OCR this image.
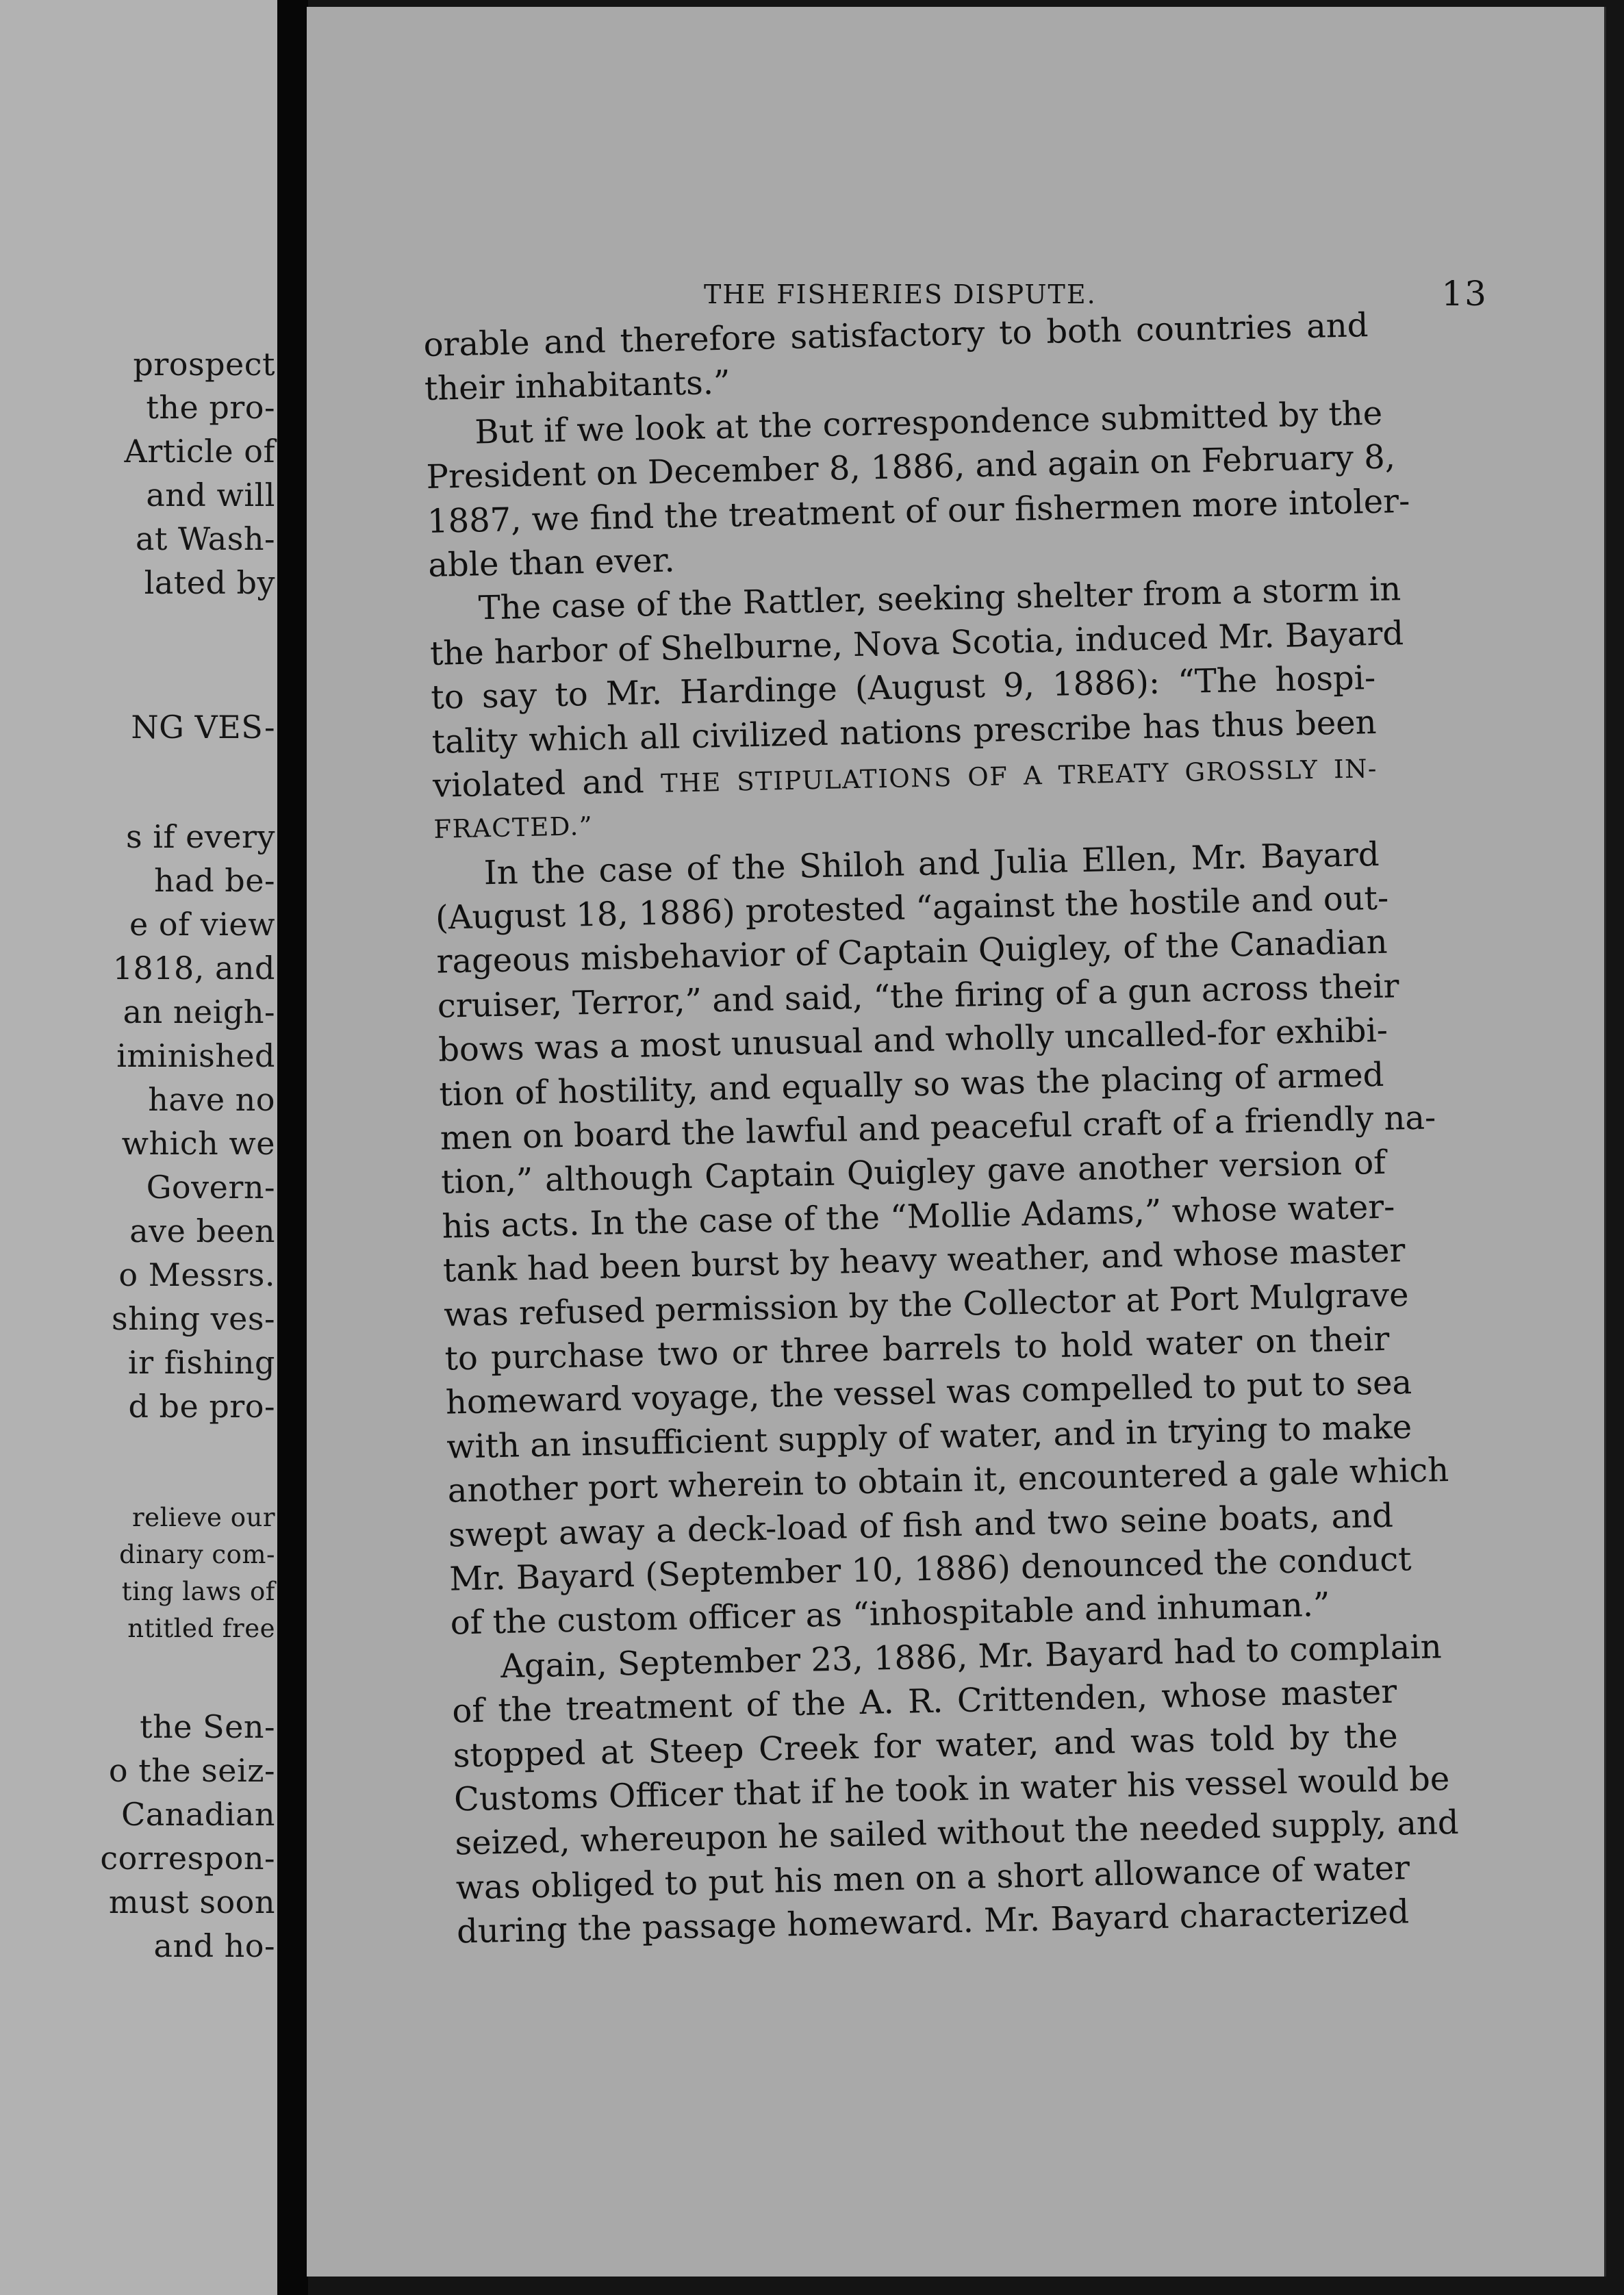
prospect
the pro-
Article of
and will
at Wash-
lated by
NG VES-
s if every
had be-
e of view
1818, and
an neigh-
iminished
have no
which we
Govern-
ave been
o Messrs.
shing ves-
ir fishing
d be pro-
relieve our
dinary com-
ting laws of
ntitled free
the Sen-
o the seiz-
Canadian
correspon-
must soon
and ho-
THE FISHERIES DISPUTE.	13
orable and therefore satisfactory to both countries and
their inhabitants.”
But if we look at the correspondence submitted by the
President on December 8, 1886, and again on February 8,
1887, we find the treatment of our fishermen more intoler-
able than ever.
The case of the Rattler, seeking shelter from a storm in
the harbor of Shelburne, Nova Scotia, induced Mr. Bayard
to say to Mr. Hardinge (August 9, 1886): “The hospi-
tality which all civilized nations prescribe has thus been
violated and THE STIPULATIONS OF A TREATY GROSSLY IN-
FRACTED.”
In the case of the Shiloh and Julia Ellen, Mr. Bayard
(August 18, 1886) protested “against the hostile and out-
rageous misbehavior of Captain Quigley, of the Canadian
cruiser, Terror,” and said, “the firing of a gun across their
bows was a most unusual and wholly uncalled-for exhibi-
tion of hostility, and equally so was the placing of armed
men on board the lawful and peaceful craft of a friendly na-
tion,” although Captain Quigley gave another version of
his acts. In the case of the “Mollie Adams,” whose water-
tank had been burst by heavy weather, and whose master
was refused permission by the Collector at Port Mulgrave
to purchase two or three barrels to hold water on their
homeward voyage, the vessel was compelled to put to sea
with an insufficient supply of water, and in trying to make
another port wherein to obtain it, encountered a gale which
swept away a deck-load of fish and two seine boats, and
Mr. Bayard (September 10, 1886) denounced the conduct
of the custom officer as “inhospitable and inhuman.”
Again, September 23, 1886, Mr. Bayard had to complain
of the treatment of the A. R. Crittenden, whose master
stopped at Steep Creek for water, and was told by the
Customs Officer that if he took in water his vessel would be
seized, whereupon he sailed without the needed supply, and
was obliged to put his men on a short allowance of water
during the passage homeward. Mr. Bayard characterized
